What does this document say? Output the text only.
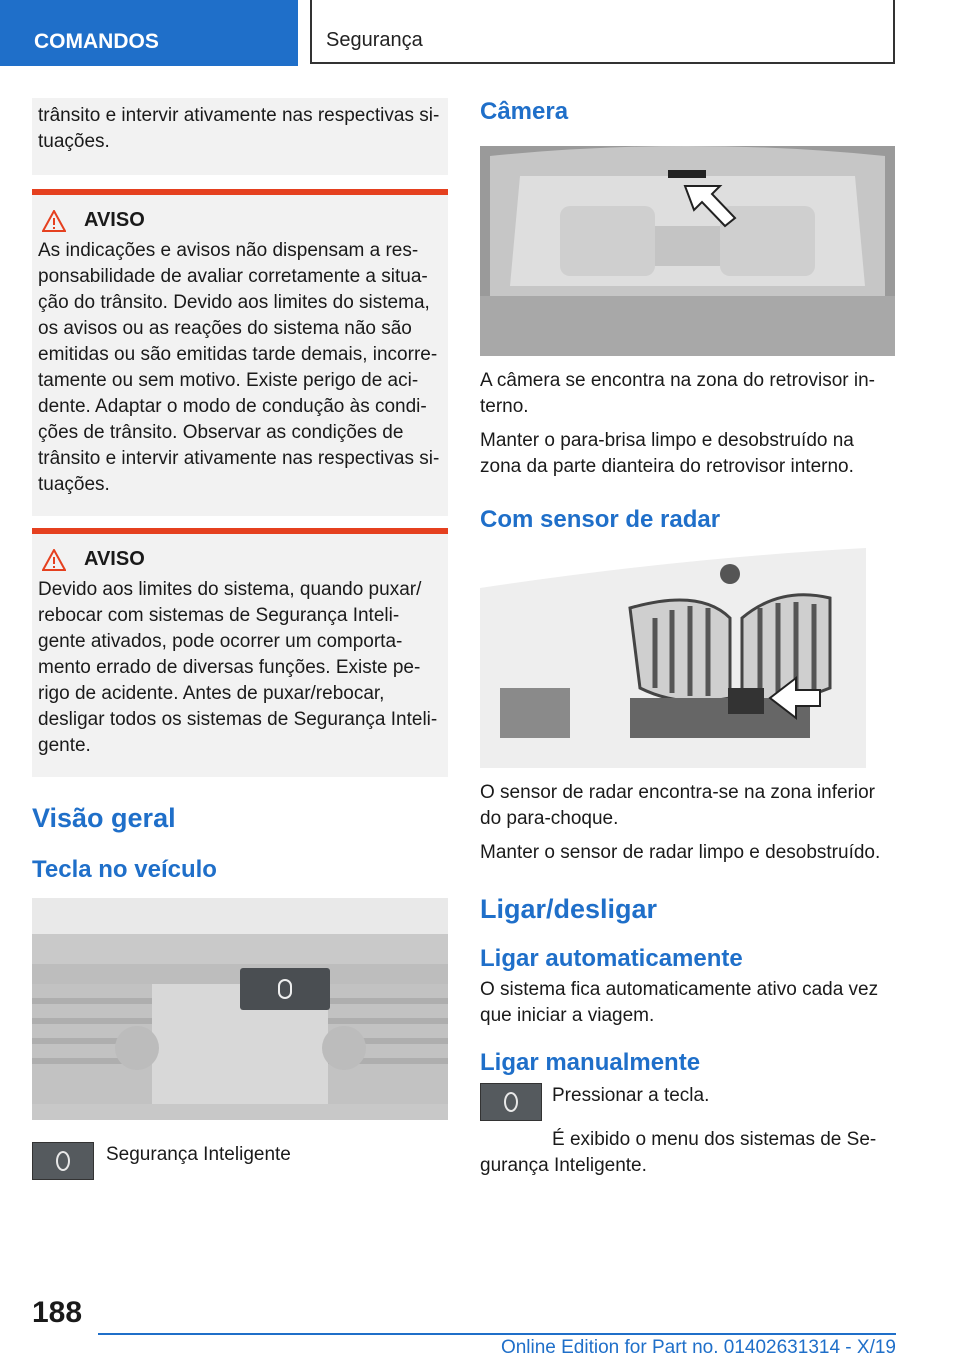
COMANDOS	Segurança
trânsito e intervir ativamente nas respectivas si-tuações.
AVISO
As indicações e avisos não dispensam a res-ponsabilidade de avaliar corretamente a situa-ção do trânsito. Devido aos limites do sistema, os avisos ou as reações do sistema não são emitidas ou são emitidas tarde demais, incorre-tamente ou sem motivo. Existe perigo de aci-dente. Adaptar o modo de condução às condi-ções de trânsito. Observar as condições de trânsito e intervir ativamente nas respectivas si-tuações.
AVISO
Devido aos limites do sistema, quando puxar/ rebocar com sistemas de Segurança Inteli-gente ativados, pode ocorrer um comporta-mento errado de diversas funções. Existe pe-rigo de acidente. Antes de puxar/rebocar, desligar todos os sistemas de Segurança Inteli-gente.
Visão geral
Tecla no veículo
Segurança Inteligente
Câmera
A câmera se encontra na zona do retrovisor in-terno.
Manter o para-brisa limpo e desobstruído na zona da parte dianteira do retrovisor interno.
Com sensor de radar
O sensor de radar encontra-se na zona inferior do para-choque.
Manter o sensor de radar limpo e desobstruído.
Ligar/desligar
Ligar automaticamente
O sistema fica automaticamente ativo cada vez que iniciar a viagem.
Ligar manualmente
Pressionar a tecla.
É exibido o menu dos sistemas de Se-gurança Inteligente.
188
Online Edition for Part no. 01402631314 - X/19
